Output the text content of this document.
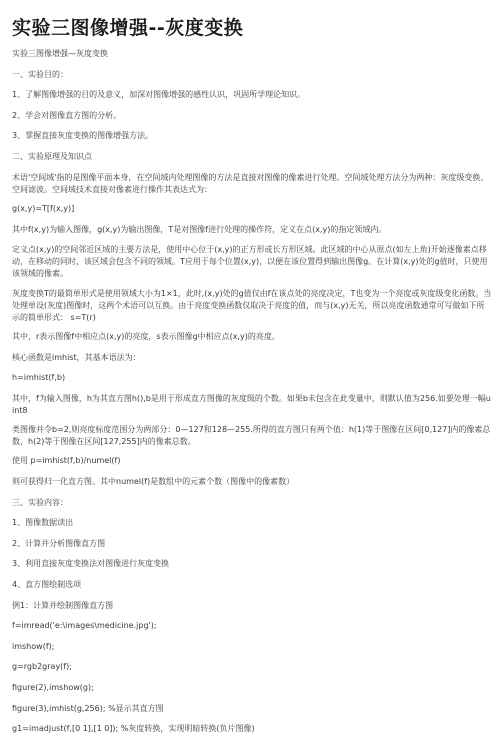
实验三图像增强--灰度变换
实验三图像增强—灰度变换
一、实验目的：
1、了解图像增强的目的及意义，加深对图像增强的感性认识，巩固所学理论知识。
2、学会对图像直方图的分析。
3、掌握直接灰度变换的图像增强方法。
二、实验原理及知识点
术语'空间域'指的是图像平面本身，在空间域内处理图像的方法是直接对图像的像素进行处理。空间域处理方法分为两种：灰度级变换、空间滤波。空间域技术直接对像素进行操作其表达式为：
g(x,y)=T[f(x,y)]
其中f(x,y)为输入图像，g(x,y)为输出图像，T是对图像f进行处理的操作符，定义在点(x,y)的指定领域内。
定义点(x,y)的空间邻近区域的主要方法是，使用中心位于(x,y)的正方形或长方形区域。此区域的中心从原点(如左上角)开始逐像素点移动，在移动的同时，该区域会包含不同的领域。T应用于每个位置(x,y)，以便在该位置得到输出图像g。在计算(x,y)处的g值时，只使用该领域的像素。
灰度变换T的最简单形式是使用领域大小为1×1，此时,(x,y)处的g值仅由f在该点处的亮度决定，T也变为一个亮度或灰度级变化函数。当处理单设(灰度)图像时，这两个术语可以互换。由于亮度变换函数仅取决于亮度的值，而与(x,y)无关，所以亮度函数通常可写做如下所示的简单形式： s=T(r)
其中，r表示图像f中相应点(x,y)的亮度，s表示图像g中相应点(x,y)的亮度。
核心函数是imhist，其基本语法为：
h=imhist(f,b)
其中，f为输入图像，h为其直方图h(),b是用于形成直方图像的灰度级的个数。如果b未包含在此变量中，则默认值为256.如要处理一幅uint8
类图像并令b=2,则亮度标度范围分为两部分：0—127和128—255.所得的直方图只有两个值：h(1)等于图像在区间[0,127]内的像素总数，h(2)等于图像在区间[127,255]内的像素总数。
使用 p=imhist(f,b)/numel(f)
则可获得归一化直方图。其中numel(f)是数组中的元素个数（图像中的像素数）
三、实验内容：
1、图像数据读出
2、计算并分析图像直方图
3、利用直接灰度变换法对图像进行灰度变换
4、直方图绘制选项
例1：计算并绘制图像直方图
f=imread('e:\images\medicine.jpg');
imshow(f);
g=rgb2gray(f);
figure(2),imshow(g);
figure(3),imhist(g,256); %显示其直方图
g1=imadjust(f,[0 1],[1 0]); %灰度转换，实现明暗转换(负片图像)
